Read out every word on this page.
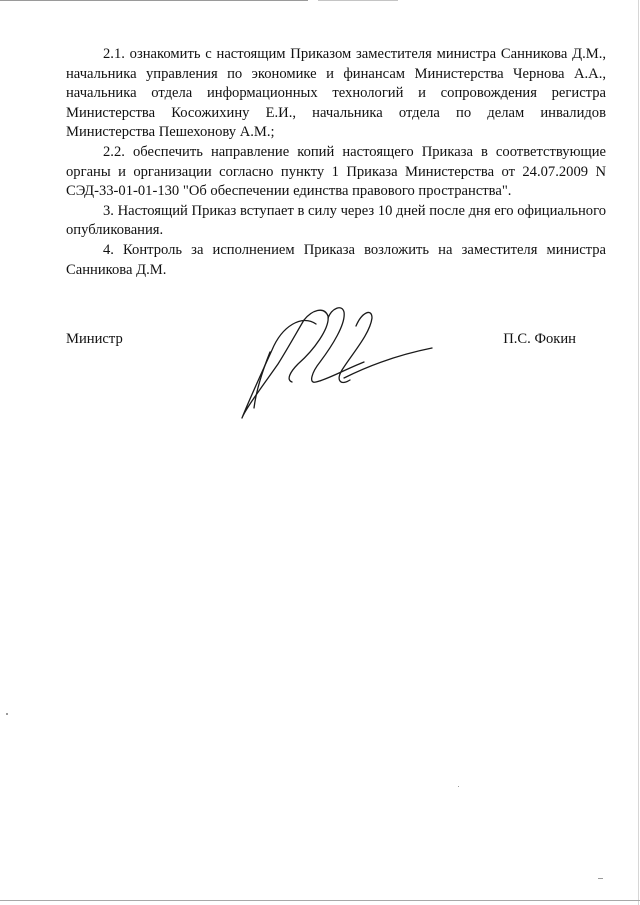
2.1. ознакомить с настоящим Приказом заместителя министра Санникова Д.М., начальника управления по экономике и финансам Министерства Чернова А.А., начальника отдела информационных технологий и сопровождения регистра Министерства Косожихину Е.И., начальника отдела по делам инвалидов Министерства Пешехонову А.М.;

2.2. обеспечить направление копий настоящего Приказа в соответствующие органы и организации согласно пункту 1 Приказа Министерства от 24.07.2009 N СЭД-33-01-01-130 "Об обеспечении единства правового пространства".

3. Настоящий Приказ вступает в силу через 10 дней после дня его официального опубликования.

4. Контроль за исполнением Приказа возложить на заместителя министра Санникова Д.М.

Министр	П.С. Фокин
